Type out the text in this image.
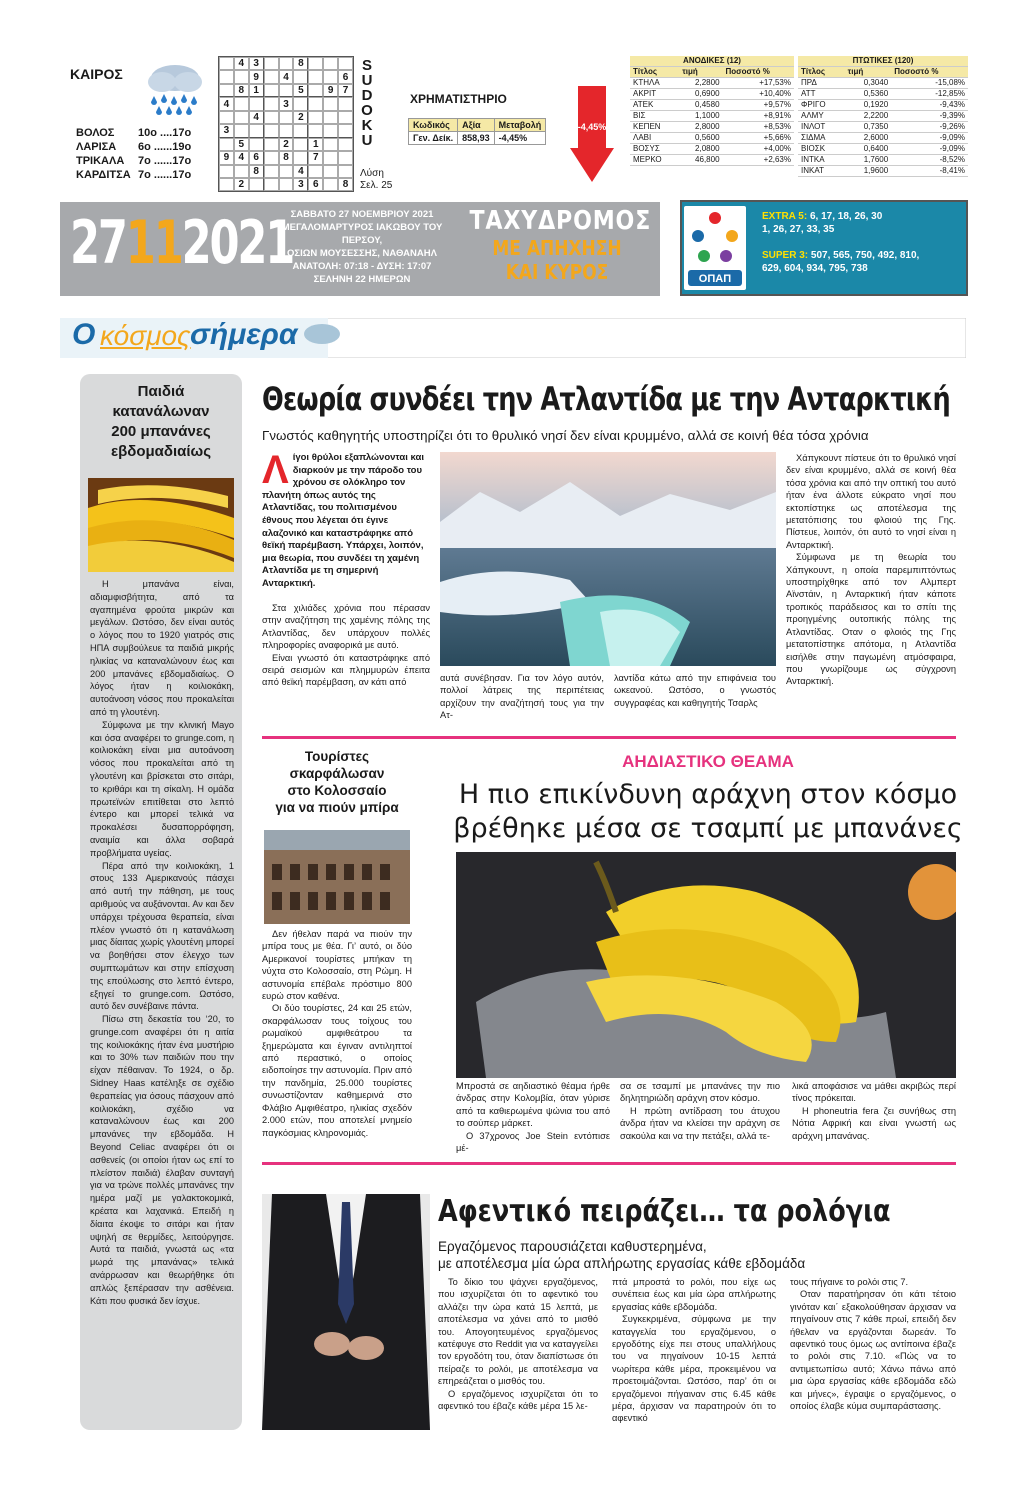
ΚΑΙΡΟΣ
ΒΟΛΟΣ	10ο ....17ο
ΛΑΡΙΣΑ	6ο ......19ο
ΤΡΙΚΑΛΑ	7ο ......17ο
ΚΑΡΔΙΤΣΑ 7ο ......17ο
4 3	8
9	4	6
8 1	5	9 7
4	3
4	2
3
5	2	1
9 4 6	8	7
8	4
2	3 6	8
S
U
D
O
K
U
Λύση
Σελ. 25
ΧΡΗΜΑΤΙΣΤΗΡΙΟ
Κωδικός	Αξία	Μεταβολή
Γεν. Δείκ.	858,93	-4,45%
-4,45%
ΑΝΟΔΙΚΕΣ (12)		
Τίτλος	τιμή	Ποσοστό %
ΚΤΗΛΑ	2,2800	+17,53%
ΑΚΡΙΤ	0,6900	+10,40%
ΑΤΕΚ	0,4580	+9,57%
ΒΙΣ	1,1000	+8,91%
ΚΕΠΕΝ	2,8000	+8,53%
ΛΑΒΙ	0,5600	+5,66%
ΒΟΣΥΣ	2,0800	+4,00%
ΜΕΡΚΟ	46,800	+2,63%
ΠΤΩΤΙΚΕΣ (120)		
Τίτλος	τιμή	Ποσοστό %
ΠΡΔ	0,3040	-15,08%
ΑΤΤ	0,5360	-12,85%
ΦΡΙΓΟ	0,1920	-9,43%
ΑΛΜΥ	2,2200	-9,39%
ΙΝΛΟΤ	0,7350	-9,26%
ΣΙΔΜΑ	2,6000	-9,09%
ΒΙΟΣΚ	0,6400	-9,09%
ΙΝΤΚΑ	1,7600	-8,52%
ΙΝΚΑΤ	1,9600	-8,41%
27112021
ΣΑΒΒΑΤΟ 27 ΝΟΕΜΒΡΙΟΥ 2021
ΜΕΓΑΛΟΜΑΡΤΥΡΟΣ ΙΑΚΩΒΟΥ ΤΟΥ ΠΕΡΣΟΥ,
ΟΣΙΩΝ ΜΟΥΣΕΣΣΗΣ, ΝΑΘΑΝΑΗΛ
ΑΝΑΤΟΛΗ: 07:18 - ΔΥΣΗ: 17:07
ΣΕΛΗΝΗ 22 ΗΜΕΡΩΝ
ΤΑΧΥΔΡΟΜΟΣ
ΜΕ ΑΠΗΧΗΣΗ
ΚΑΙ ΚΥΡΟΣ	ΟΠΑΠ
EXTRA 5: 6, 17, 18, 26, 30
1, 26, 27, 33, 35
SUPER 3: 507, 565, 750, 492, 810,
629, 604, 934, 795, 738
Ο κόσμος σήμερα
Παιδιά
κατανάλωναν
200 μπανάνες
εβδομαδιαίως

Η μπανάνα είναι, αδιαμφισβήτητα, από τα αγαπημένα φρούτα μικρών και μεγάλων. Ωστόσο, δεν είναι αυτός ο λόγος που το 1920 γιατρός στις ΗΠΑ συμβούλευε τα παιδιά μικρής ηλικίας να καταναλώνουν έως και 200 μπανάνες εβδομαδιαίως. Ο λόγος ήταν η κοιλιοκάκη, αυτοάνοση νόσος που προκαλείται από τη γλουτένη.

Σύμφωνα με την κλινική Mayo και όσα αναφέρει το grunge.com, η κοιλιοκάκη είναι μια αυτοάνοση νόσος που προκαλείται από τη γλουτένη και βρίσκεται στο σιτάρι, το κριθάρι και τη σίκαλη. Η ομάδα πρωτεϊνών επιτίθεται στο λεπτό έντερο και μπορεί τελικά να προκαλέσει δυσαπορρόφηση, αναιμία και άλλα σοβαρά προβλήματα υγείας.

Πέρα από την κοιλιοκάκη, 1 στους 133 Αμερικανούς πάσχει από αυτή την πάθηση, με τους αριθμούς να αυξάνονται. Αν και δεν υπάρχει τρέχουσα θεραπεία, είναι πλέον γνωστό ότι η κατανάλωση μιας δίαιτας χωρίς γλουτένη μπορεί να βοηθήσει στον έλεγχο των συμπτωμάτων και στην επίσχυση της επούλωσης στο λεπτό έντερο, εξηγεί το grunge.com. Ωστόσο, αυτό δεν συνέβαινε πάντα.

Πίσω στη δεκαετία του ‘20, το grunge.com αναφέρει ότι η αιτία της κοιλιοκάκης ήταν ένα μυστήριο και το 30% των παιδιών που την είχαν πέθαιναν. Το 1924, ο δρ. Sidney Haas κατέληξε σε σχέδιο θεραπείας για όσους πάσχουν από κοιλιοκάκη, σχέδιο να καταναλώνουν έως και 200 μπανάνες την εβδομάδα. Η Beyond Celiac αναφέρει ότι οι ασθενείς (οι οποίοι ήταν ως επί το πλείστον παιδιά) έλαβαν συνταγή για να τρώνε πολλές μπανάνες την ημέρα μαζί με γαλακτοκομικά, κρέατα και λαχανικά. Επειδή η δίαιτα έκοψε το σιτάρι και ήταν υψηλή σε θερμίδες, λειτούργησε. Αυτά τα παιδιά, γνωστά ως «τα μωρά της μπανάνας» τελικά ανάρρωσαν και θεωρήθηκε ότι απλώς ξεπέρασαν την ασθένεια. Κάτι που φυσικά δεν ίσχυε.

Θεωρία συνδέει την Ατλαντίδα με την Ανταρκτική
Γνωστός καθηγητής υποστηρίζει ότι το θρυλικό νησί δεν είναι κρυμμένο, αλλά σε κοινή θέα τόσα χρόνια
Λίγοι θρύλοι εξαπλώνονται και διαρκούν με την πάροδο του χρόνου σε ολόκληρο τον πλανήτη όπως αυτός της Ατλαντίδας, του πολιτισμένου έθνους που λέγεται ότι έγινε αλαζονικό και καταστράφηκε από θεϊκή παρέμβαση. Υπάρχει, λοιπόν, μια θεωρία, που συνδέει τη χαμένη Ατλαντίδα με τη σημερινή Ανταρκτική.

Στα χιλιάδες χρόνια που πέρασαν στην αναζήτηση της χαμένης πόλης της Ατλαντίδας, δεν υπάρχουν πολλές πληροφορίες αναφορικά με αυτό.

Είναι γνωστό ότι καταστράφηκε από σειρά σεισμών και πλημμυρών έπειτα από θεϊκή παρέμβαση, αν κάτι από	αυτά συνέβησαν. Για τον λόγο αυτόν, πολλοί λάτρεις της περιπέτειας αρχίζουν την αναζήτησή τους για την Ατ-
λαντίδα κάτω από την επιφάνεια του ωκεανού. Ωστόσο, ο γνωστός συγγραφέας και καθηγητής Τσαρλς

Χάπγκουντ πίστευε ότι το θρυλικό νησί δεν είναι κρυμμένο, αλλά σε κοινή θέα τόσα χρόνια και από την οπτική του αυτό ήταν ένα άλλοτε εύκρατο νησί που εκτοπίστηκε ως αποτέλεσμα της μετατόπισης του φλοιού της Γης. Πίστευε, λοιπόν, ότι αυτό το νησί είναι η Ανταρκτική.

Σύμφωνα με τη θεωρία του Χάπγκουντ, η οποία παρεμπιπτόντως υποστηρίχθηκε από τον Αλμπερτ Αϊνστάιν, η Ανταρκτική ήταν κάποτε τροπικός παράδεισος και το σπίτι της προηγμένης ουτοπικής πόλης της Ατλαντίδας. Οταν ο φλοιός της Γης μετατοπίστηκε απότομα, η Ατλαντίδα εισήλθε στην παγωμένη ατμόσφαιρα, που γνωρίζουμε ως σύγχρονη Ανταρκτική.

Τουρίστες
σκαρφάλωσαν
στο Κολοσσαίο
για να πιούν μπίρα

Δεν ήθελαν παρά να πιούν την μπίρα τους με θέα. Γι’ αυτό, οι δύο Αμερικανοί τουρίστες μπήκαν τη νύχτα στο Κολοσσαίο, στη Ρώμη. Η αστυνομία επέβαλε πρόστιμο 800 ευρώ στον καθένα.

Οι δύο τουρίστες, 24 και 25 ετών, σκαρφάλωσαν τους τοίχους του ρωμαϊκού αμφιθεάτρου τα ξημερώματα και έγιναν αντιληπτοί από περαστικό, ο οποίος ειδοποίησε την αστυνομία. Πριν από την πανδημία, 25.000 τουρίστες συνωστίζονταν καθημερινά στο Φλάβιο Αμφιθέατρο, ηλικίας σχεδόν 2.000 ετών, που αποτελεί μνημείο παγκόσμιας κληρονομιάς.

ΑΗΔΙΑΣΤΙΚΟ ΘΕΑΜΑ
Η πιο επικίνδυνη αράχνη στον κόσμο
βρέθηκε μέσα σε τσαμπί με μπανάνες

Μπροστά σε αηδιαστικό θέαμα ήρθε άνδρας στην Κολομβία, όταν γύρισε από τα καθιερωμένα ψώνια του από το σούπερ μάρκετ.

Ο 37χρονος Joe Stein εντόπισε μέ-

σα σε τσαμπί με μπανάνες την πιο δηλητηριώδη αράχνη στον κόσμο.

Η πρώτη αντίδραση του άτυχου άνδρα ήταν να κλείσει την αράχνη σε σακούλα και να την πετάξει, αλλά τε-

λικά αποφάσισε να μάθει ακριβώς περί τίνος πρόκειται.

Η phoneutria fera ζει συνήθως στη Νότια Αφρική και είναι γνωστή ως αράχνη μπανάνας.

Αφεντικό πειράζει… τα ρολόγια
Εργαζόμενος παρουσιάζεται καθυστερημένα,
με αποτέλεσμα μία ώρα απλήρωτης εργασίας κάθε εβδομάδα

Το δίκιο του ψάχνει εργαζόμενος, που ισχυρίζεται ότι το αφεντικό του αλλάζει την ώρα κατά 15 λεπτά, με αποτέλεσμα να χάνει από το μισθό του. Απογοητευμένος εργαζόμενος κατέφυγε στο Reddit για να καταγγείλει τον εργοδότη του, όταν διαπίστωσε ότι πείραζε το ρολόι, με αποτέλεσμα να επηρεάζεται ο μισθός του.

Ο εργαζόμενος ισχυρίζεται ότι το αφεντικό του έβαζε κάθε μέρα 15 λε-

πτά μπροστά το ρολόι, που είχε ως συνέπεια έως και μία ώρα απλήρωτης εργασίας κάθε εβδομάδα.

Συγκεκριμένα, σύμφωνα με την καταγγελία του εργαζόμενου, ο εργοδότης είχε πει στους υπαλλήλους του να πηγαίνουν 10-15 λεπτά νωρίτερα κάθε μέρα, προκειμένου να προετοιμάζονται. Ωστόσο, παρ’ ότι οι εργαζόμενοι πήγαιναν στις 6.45 κάθε μέρα, άρχισαν να παρατηρούν ότι το αφεντικό

τους πήγαινε το ρολόι στις 7.

Οταν παρατήρησαν ότι κάτι τέτοιο γινόταν και΄ εξακολούθησαν άρχισαν να πηγαίνουν στις 7 κάθε πρωί, επειδή δεν ήθελαν να εργάζονται δωρεάν. Το αφεντικό τους όμως ως αντίποινα έβαζε το ρολόι στις 7.10. «Πώς να το αντιμετωπίσω αυτό; Χάνω πάνω από μια ώρα εργασίας κάθε εβδομάδα εδώ και μήνες», έγραψε ο εργαζόμενος, ο οποίος έλαβε κύμα συμπαράστασης.
